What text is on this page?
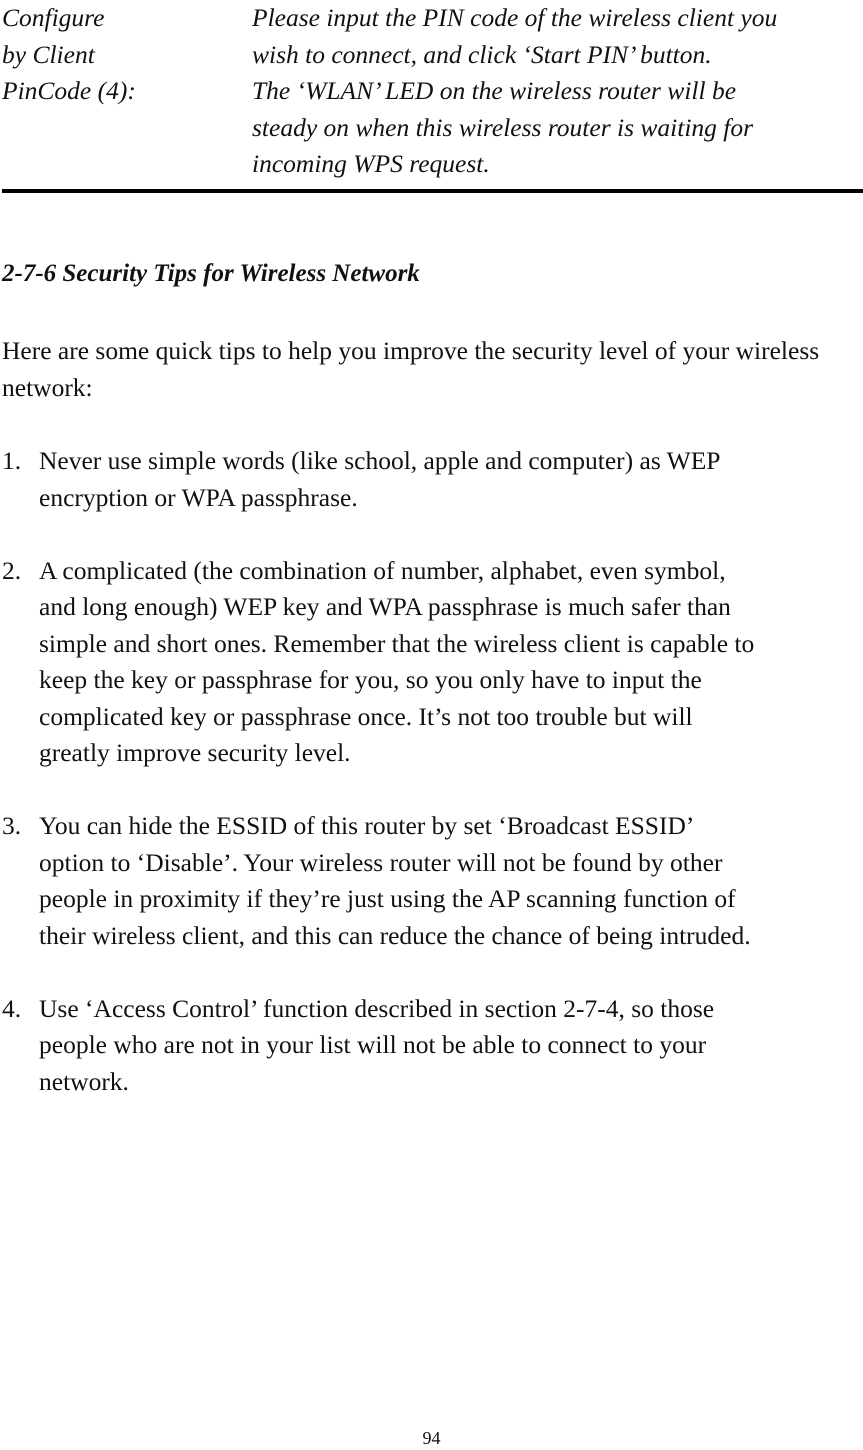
Configure
by Client
PinCode (4):
Please input the PIN code of the wireless client you
wish to connect, and click ‘Start PIN’ button.
The ‘WLAN’ LED on the wireless router will be
steady on when this wireless router is waiting for
incoming WPS request.
2-7-6 Security Tips for Wireless Network

Here are some quick tips to help you improve the security level of your wireless network:

1. Never use simple words (like school, apple and computer) as WEP
encryption or WPA passphrase.
2. A complicated (the combination of number, alphabet, even symbol,
and long enough) WEP key and WPA passphrase is much safer than
simple and short ones. Remember that the wireless client is capable to
keep the key or passphrase for you, so you only have to input the
complicated key or passphrase once. It’s not too trouble but will
greatly improve security level.
3. You can hide the ESSID of this router by set ‘Broadcast ESSID’
option to ‘Disable’. Your wireless router will not be found by other
people in proximity if they’re just using the AP scanning function of
their wireless client, and this can reduce the chance of being intruded.
4. Use ‘Access Control’ function described in section 2-7-4, so those
people who are not in your list will not be able to connect to your
network.
94
